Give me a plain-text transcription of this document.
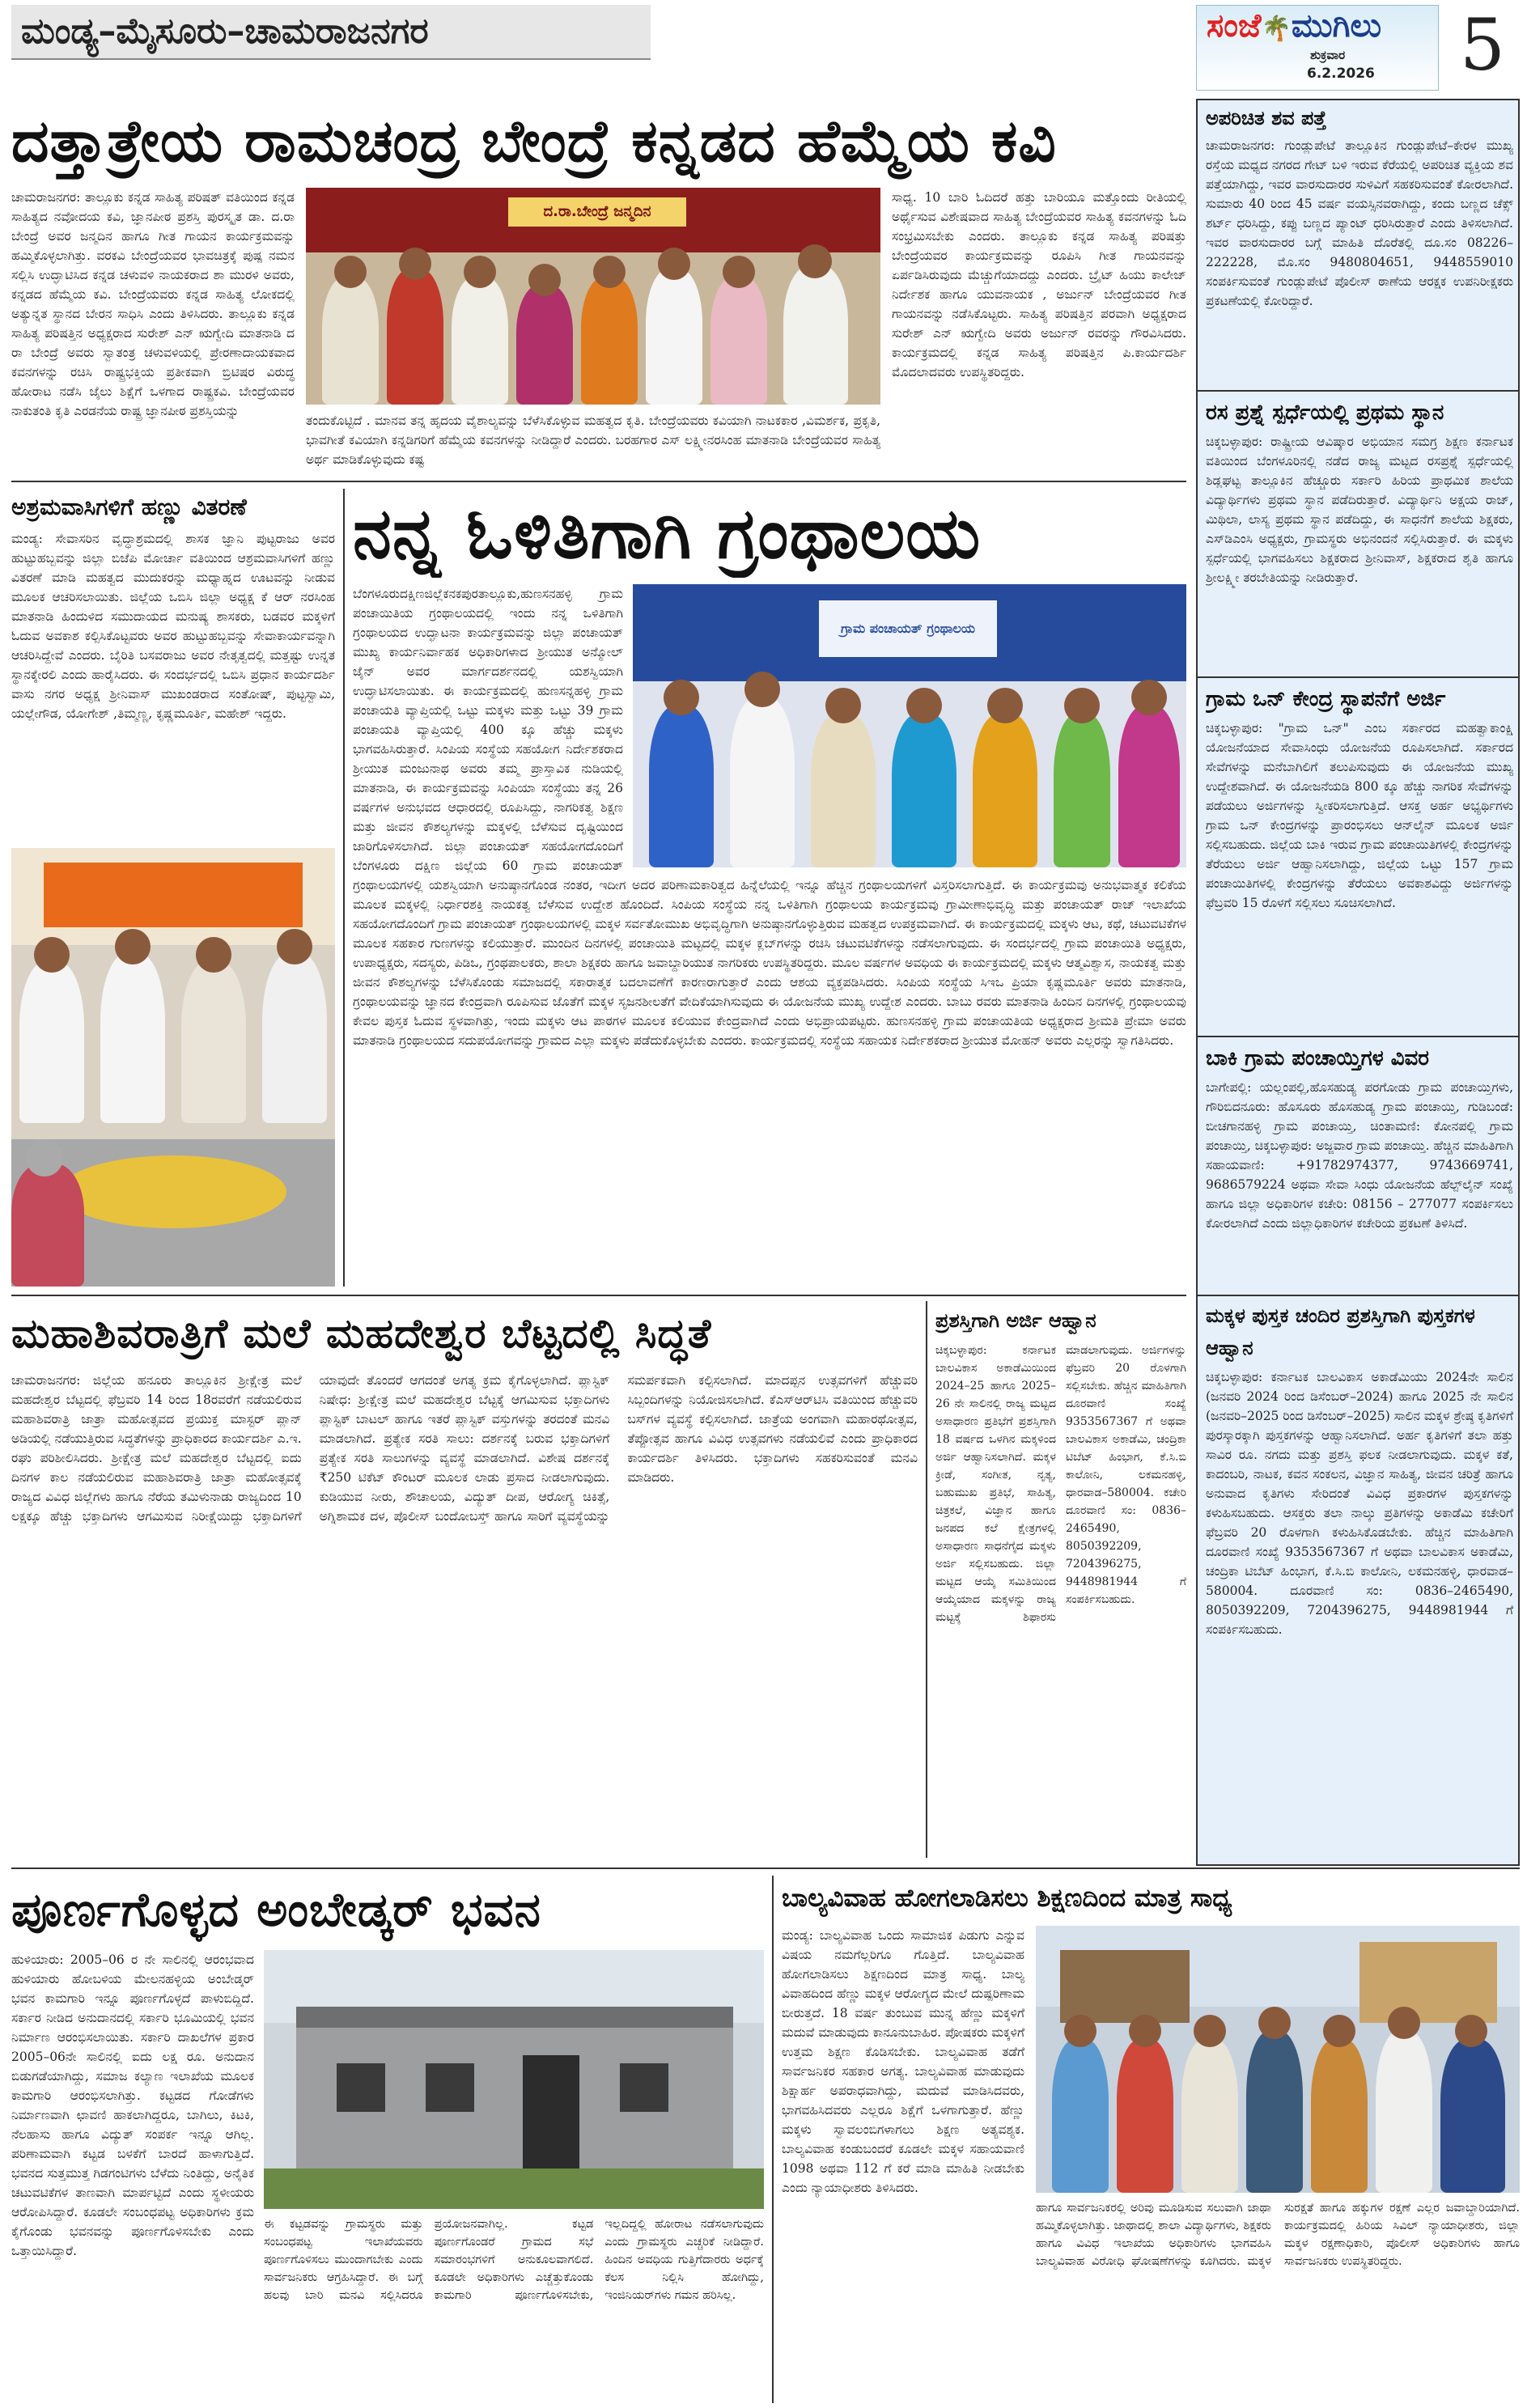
ಮಂಡ್ಯ–ಮೈಸೂರು–ಚಾಮರಾಜನಗರ	ಸಂಜೆ🌴ಮುಗಿಲು
ಶುಕ್ರವಾರ
6.2.2026 5
ದತ್ತಾತ್ರೇಯ ರಾಮಚಂದ್ರ ಬೇಂದ್ರೆ ಕನ್ನಡದ ಹೆಮ್ಮೆಯ ಕವಿ
ಚಾಮರಾಜನಗರ: ತಾಲ್ಲೂಕು ಕನ್ನಡ ಸಾಹಿತ್ಯ ಪರಿಷತ್ ವತಿಯಿಂದ ಕನ್ನಡ ಸಾಹಿತ್ಯದ ನವೋದಯ ಕವಿ, ಜ್ಞಾನಪೀಠ ಪ್ರಶಸ್ತಿ ಪುರಸ್ಕೃತ ಡಾ. ದ.ರಾ ಬೇಂದ್ರೆ ಅವರ ಜನ್ಮದಿನ ಹಾಗೂ ಗೀತ ಗಾಯನ ಕಾರ್ಯಕ್ರಮವನ್ನು ಹಮ್ಮಿಕೊಳ್ಳಲಾಗಿತ್ತು. ವರಕವಿ ಬೇಂದ್ರೆಯವರ ಭಾವಚಿತ್ರಕ್ಕೆ ಪುಷ್ಪ ನಮನ ಸಲ್ಲಿಸಿ ಉದ್ಘಾಟಿಸಿದ ಕನ್ನಡ ಚಳುವಳಿ ನಾಯಕರಾದ ಶಾ ಮುರಳಿ ಅವರು, ಕನ್ನಡದ ಹೆಮ್ಮೆಯ ಕವಿ. ಬೇಂದ್ರೆಯವರು ಕನ್ನಡ ಸಾಹಿತ್ಯ ಲೋಕದಲ್ಲಿ ಅತ್ಯುನ್ನತ ಸ್ಥಾನದ ಬೇರನ ಸಾಧಿಸಿ ಎಂದು ತಿಳಿಸಿದರು. ತಾಲ್ಲೂಕು ಕನ್ನಡ ಸಾಹಿತ್ಯ ಪರಿಷತ್ತಿನ ಅಧ್ಯಕ್ಷರಾದ ಸುರೇಶ್ ಎನ್ ಋಗ್ವೇದಿ ಮಾತನಾಡಿ ದ ರಾ ಬೇಂದ್ರೆ ಅವರು ಸ್ವಾತಂತ್ರ ಚಳುವಳಿಯಲ್ಲಿ ಪ್ರೇರಣಾದಾಯಕವಾದ ಕವನಗಳನ್ನು ರಚಿಸಿ ರಾಷ್ಟ್ರಭಕ್ತಿಯ ಪ್ರತೀಕವಾಗಿ ಬ್ರಿಟಿಷರ ವಿರುದ್ಧ ಹೋರಾಟ ನಡೆಸಿ ಜೈಲು ಶಿಕ್ಷೆಗೆ ಒಳಗಾದ ರಾಷ್ಟ್ರಕವಿ. ಬೇಂದ್ರೆಯವರ ನಾಕುತಂತಿ ಕೃತಿ ಎರಡನೆಯ ರಾಷ್ಟ್ರ ಜ್ಞಾನಪೀಠ ಪ್ರಶಸ್ತಿಯನ್ನು
ದ.ರಾ.ಬೇಂದ್ರೆ ಜನ್ಮದಿನ
ತಂದುಕೊಟ್ಟಿದೆ . ಮಾನವ ತನ್ನ ಹೃದಯ ವೈಶಾಲ್ಯವನ್ನು ಬೆಳೆಸಿಕೊಳ್ಳುವ ಮಹತ್ವದ ಕೃತಿ. ಬೇಂದ್ರೆಯವರು ಕವಿಯಾಗಿ ನಾಟಕಕಾರ ,ವಿಮರ್ಶಕ, ಪ್ರಕೃತಿ, ಭಾವಗೀತೆ ಕವಿಯಾಗಿ ಕನ್ನಡಿಗರಿಗೆ ಹೆಮ್ಮೆಯ ಕವನಗಳನ್ನು ನೀಡಿದ್ದಾರೆ ಎಂದರು. ಬರಹಗಾರ ಎಸ್ ಲಕ್ಷ್ಮೀನರಸಿಂಹ ಮಾತನಾಡಿ ಬೇಂದ್ರೆಯವರ ಸಾಹಿತ್ಯ ಅರ್ಥ ಮಾಡಿಕೊಳ್ಳುವುದು ಕಷ್ಟ
ಸಾಧ್ಯ. 10 ಬಾರಿ ಓದಿದರೆ ಹತ್ತು ಬಾರಿಯೂ ಮತ್ತೊಂದು ರೀತಿಯಲ್ಲಿ ಅರ್ಥೈಸುವ ವಿಶೇಷವಾದ ಸಾಹಿತ್ಯ ಬೇಂದ್ರೆಯವರ ಸಾಹಿತ್ಯ ಕವನಗಳನ್ನು ಓದಿ ಸಂಭ್ರಮಿಸಬೇಕು ಎಂದರು. ತಾಲ್ಲೂಕು ಕನ್ನಡ ಸಾಹಿತ್ಯ ಪರಿಷತ್ತು ಬೇಂದ್ರೆಯವರ ಕಾರ್ಯಕ್ರಮವನ್ನು ರೂಪಿಸಿ ಗೀತ ಗಾಯನವನ್ನು ಏರ್ಪಡಿಸಿರುವುದು ಮೆಚ್ಚುಗೆಯಾದದ್ದು ಎಂದರು. ಬ್ರೈಟ್ ಹಿಯು ಕಾಲೇಜ್ ನಿರ್ದೇಶಕ ಹಾಗೂ ಯುವನಾಯಕ , ಅರ್ಜುನ್ ಬೇಂದ್ರೆಯವರ ಗೀತ ಗಾಯನವನ್ನು ನಡೆಸಿಕೊಟ್ಟರು. ಸಾಹಿತ್ಯ ಪರಿಷತ್ತಿನ ಪರವಾಗಿ ಅಧ್ಯಕ್ಷರಾದ ಸುರೇಶ್ ಎನ್ ಋಗ್ವೇದಿ ಅವರು ಅರ್ಜುನ್ ರವರನ್ನು ಗೌರವಿಸಿದರು. ಕಾರ್ಯಕ್ರಮದಲ್ಲಿ ಕನ್ನಡ ಸಾಹಿತ್ಯ ಪರಿಷತ್ತಿನ ಪಿ.ಕಾರ್ಯದರ್ಶಿ ಮೊದಲಾದವರು ಉಪಸ್ಥಿತರಿದ್ದರು.
ಅಶ್ರಮವಾಸಿಗಳಿಗೆ ಹಣ್ಣು ವಿತರಣೆ
ಮಂಡ್ಯ: ಸೇವಾಸರಿನ ವೃದ್ಧಾಶ್ರಮದಲ್ಲಿ ಶಾಸಕ ಜ್ಞಾನಿ ಪುಟ್ಟರಾಜು ಅವರ ಹುಟ್ಟುಹಬ್ಬವನ್ನು ಜಿಲ್ಲಾ ಬಿಜೆಪಿ ಮೋರ್ಚಾ ವತಿಯಿಂದ ಆಶ್ರಮವಾಸಿಗಳಿಗೆ ಹಣ್ಣು ವಿತರಣೆ ಮಾಡಿ ಮಹತ್ವದ ಮುದುಕರನ್ನು ಮಧ್ಯಾಹ್ನದ ಊಟವನ್ನು ನೀಡುವ ಮೂಲಕ ಆಚರಿಸಲಾಯಿತು. ಜಿಲ್ಲೆಯ ಒಬಿಸಿ ಜಿಲ್ಲಾ ಅಧ್ಯಕ್ಷ ಕೆ ಆರ್ ನರಸಿಂಹ ಮಾತನಾಡಿ ಹಿಂದುಳಿದ ಸಮುದಾಯದ ಮನುಷ್ಯ ಶಾಸಕರು, ಬಡವರ ಮಕ್ಕಳಿಗೆ ಓದುವ ಅವಕಾಶ ಕಲ್ಪಿಸಿಕೊಟ್ಟವರು ಅವರ ಹುಟ್ಟುಹಬ್ಬವನ್ನು ಸೇವಾಕಾರ್ಯವನ್ನಾಗಿ ಆಚರಿಸಿದ್ದೇವೆ ಎಂದರು. ಬೈರಿತಿ ಬಸವರಾಜು ಅವರ ನೇತೃತ್ವದಲ್ಲಿ ಮತ್ತಷ್ಟು ಉನ್ನತ ಸ್ಥಾನಕ್ಕೇರಲಿ ಎಂದು ಹಾರೈಸಿದರು. ಈ ಸಂದರ್ಭದಲ್ಲಿ ಒಬಿಸಿ ಪ್ರಧಾನ ಕಾರ್ಯದರ್ಶಿ ವಾಸು ನಗರ ಅಧ್ಯಕ್ಷ ಶ್ರೀನಿವಾಸ್ ಮುಖಂಡರಾದ ಸಂತೋಷ್, ಪುಟ್ಟಸ್ವಾಮಿ, ಯಲ್ಲೇಗೌಡ, ಯೋಗೇಶ್ ,ತಿಮ್ಮಣ್ಣ, ಕೃಷ್ಣಮೂರ್ತಿ, ಮಹೇಶ್ ಇದ್ದರು.
ನನ್ನ ಓಳಿತಿಗಾಗಿ ಗ್ರಂಥಾಲಯ
ಗ್ರಾಮ ಪಂಚಾಯತ್ ಗ್ರಂಥಾಲಯ
ಬೆಂಗಳೂರುದಕ್ಷಿಣಜಿಲ್ಲೆಕನಕಪುರತಾಲ್ಲೂಕು,ಹುಣಸನಹಳ್ಳಿ ಗ್ರಾಮ ಪಂಚಾಯಿತಿಯ ಗ್ರಂಥಾಲಯದಲ್ಲಿ ಇಂದು ನನ್ನ ಒಳಿತಿಗಾಗಿ ಗ್ರಂಥಾಲಯದ ಉದ್ಘಾಟನಾ ಕಾರ್ಯಕ್ರಮವನ್ನು ಜಿಲ್ಲಾ ಪಂಚಾಯತ್ ಮುಖ್ಯ ಕಾರ್ಯನಿರ್ವಾಹಕ ಅಧಿಕಾರಿಗಳಾದ ಶ್ರೀಯುತ ಅನ್ಮೋಲ್ ಜೈನ್ ಅವರ ಮಾರ್ಗದರ್ಶನದಲ್ಲಿ ಯಶಸ್ವಿಯಾಗಿ ಉದ್ಘಾಟಿಸಲಾಯಿತು. ಈ ಕಾರ್ಯಕ್ರಮದಲ್ಲಿ ಹುಣಸನ್ನಹಳ್ಳಿ ಗ್ರಾಮ ಪಂಚಾಯತಿ ವ್ಯಾಪ್ತಿಯಲ್ಲಿ ಒಟ್ಟು ಮಕ್ಕಳು ಮತ್ತು ಒಟ್ಟು 39 ಗ್ರಾಮ ಪಂಚಾಯತಿ ವ್ಯಾಪ್ತಿಯಲ್ಲಿ 400 ಕ್ಕೂ ಹೆಚ್ಚು ಮಕ್ಕಳು ಭಾಗವಹಿಸಿರುತ್ತಾರೆ. ಸಿಂಪಿಯ ಸಂಸ್ಥೆಯ ಸಹಯೋಗ ನಿರ್ದೇಶಕರಾದ ಶ್ರೀಯುತ ಮಂಜುನಾಥ ಅವರು ತಮ್ಮ ಪ್ರಾಸ್ತಾವಿಕ ನುಡಿಯಲ್ಲಿ ಮಾತನಾಡಿ, ಈ ಕಾರ್ಯಕ್ರಮವನ್ನು ಸಿಂಪಿಯಾ ಸಂಸ್ಥೆಯು ತನ್ನ 26 ವರ್ಷಗಳ ಅನುಭವದ ಆಧಾರದಲ್ಲಿ ರೂಪಿಸಿದ್ದು, ನಾಗರಿಕತ್ವ ಶಿಕ್ಷಣ ಮತ್ತು ಜೀವನ ಕೌಶಲ್ಯಗಳನ್ನು ಮಕ್ಕಳಲ್ಲಿ ಬೆಳೆಸುವ ದೃಷ್ಟಿಯಿಂದ ಜಾರಿಗೊಳಿಸಲಾಗಿದೆ. ಜಿಲ್ಲಾ ಪಂಚಾಯತ್ ಸಹಯೋಗದೊಂದಿಗೆ ಬೆಂಗಳೂರು ದಕ್ಷಿಣ ಜಿಲ್ಲೆಯ 60 ಗ್ರಾಮ ಪಂಚಾಯತ್ ಗ್ರಂಥಾಲಯಗಳಲ್ಲಿ ಯಶಸ್ವಿಯಾಗಿ ಅನುಷ್ಠಾನಗೊಂಡ ನಂತರ, ಇದೀಗ ಅದರ ಪರಿಣಾಮಕಾರಿತ್ವದ ಹಿನ್ನೆಲೆಯಲ್ಲಿ ಇನ್ನೂ ಹೆಚ್ಚಿನ ಗ್ರಂಥಾಲಯಗಳಿಗೆ ವಿಸ್ತರಿಸಲಾಗುತ್ತಿದೆ. ಈ ಕಾರ್ಯಕ್ರಮವು ಅನುಭವಾತ್ಮಕ ಕಲಿಕೆಯ ಮೂಲಕ ಮಕ್ಕಳಲ್ಲಿ ನಿರ್ಧಾರಶಕ್ತಿ ನಾಯಕತ್ವ ಬೆಳೆಸುವ ಉದ್ದೇಶ ಹೊಂದಿದೆ. ಸಿಂಪಿಯ ಸಂಸ್ಥೆಯ ನನ್ನ ಒಳಿತಿಗಾಗಿ ಗ್ರಂಥಾಲಯ ಕಾರ್ಯಕ್ರಮವು ಗ್ರಾಮೀಣಾಭಿವೃದ್ಧಿ ಮತ್ತು ಪಂಚಾಯತ್ ರಾಜ್ ಇಲಾಖೆಯ ಸಹಯೋಗದೊಂದಿಗೆ ಗ್ರಾಮ ಪಂಚಾಯತ್ ಗ್ರಂಥಾಲಯಗಳಲ್ಲಿ ಮಕ್ಕಳ ಸರ್ವತೋಮುಖ ಅಭಿವೃದ್ಧಿಗಾಗಿ ಅನುಷ್ಠಾನಗೊಳ್ಳುತ್ತಿರುವ ಮಹತ್ವದ ಉಪಕ್ರಮವಾಗಿದೆ. ಈ ಕಾರ್ಯಕ್ರಮದಲ್ಲಿ ಮಕ್ಕಳು ಆಟ, ಕಥೆ, ಚಟುವಟಿಕೆಗಳ ಮೂಲಕ ಸಹಕಾರ ಗುಣಗಳನ್ನು ಕಲಿಯುತ್ತಾರೆ. ಮುಂದಿನ ದಿನಗಳಲ್ಲಿ ಪಂಚಾಯಿತಿ ಮಟ್ಟದಲ್ಲಿ ಮಕ್ಕಳ ಕ್ಲಬ್‌ಗಳನ್ನು ರಚಿಸಿ ಚಟುವಟಿಕೆಗಳನ್ನು ನಡೆಸಲಾಗುವುದು. ಈ ಸಂದರ್ಭದಲ್ಲಿ ಗ್ರಾಮ ಪಂಚಾಯಿತಿ ಅಧ್ಯಕ್ಷರು, ಉಪಾಧ್ಯಕ್ಷರು, ಸದಸ್ಯರು, ಪಿಡಿಒ, ಗ್ರಂಥಪಾಲಕರು, ಶಾಲಾ ಶಿಕ್ಷಕರು ಹಾಗೂ ಜವಾಬ್ದಾರಿಯುತ ನಾಗರಿಕರು ಉಪಸ್ಥಿತರಿದ್ದರು. ಮೂಲ ವರ್ಷಗಳ ಅವಧಿಯ ಈ ಕಾರ್ಯಕ್ರಮದಲ್ಲಿ ಮಕ್ಕಳು ಆತ್ಮವಿಶ್ವಾಸ, ನಾಯಕತ್ವ ಮತ್ತು ಜೀವನ ಕೌಶಲ್ಯಗಳನ್ನು ಬೆಳೆಸಿಕೊಂಡು ಸಮಾಜದಲ್ಲಿ ಸಕಾರಾತ್ಮಕ ಬದಲಾವಣೆಗೆ ಕಾರಣರಾಗುತ್ತಾರೆ ಎಂದು ಆಶಯ ವ್ಯಕ್ತಪಡಿಸಿದರು. ಸಿಂಪಿಯ ಸಂಸ್ಥೆಯ ಸಿಇಒ ಪ್ರಿಯಾ ಕೃಷ್ಣಮೂರ್ತಿ ಅವರು ಮಾತನಾಡಿ, ಗ್ರಂಥಾಲಯವನ್ನು ಜ್ಞಾನದ ಕೇಂದ್ರವಾಗಿ ರೂಪಿಸುವ ಜೊತೆಗೆ ಮಕ್ಕಳ ಸೃಜನಶೀಲತೆಗೆ ವೇದಿಕೆಯಾಗಿಸುವುದು ಈ ಯೋಜನೆಯ ಮುಖ್ಯ ಉದ್ದೇಶ ಎಂದರು. ಬಾಬು ರವರು ಮಾತನಾಡಿ ಹಿಂದಿನ ದಿನಗಳಲ್ಲಿ ಗ್ರಂಥಾಲಯವು ಕೇವಲ ಪುಸ್ತಕ ಓದುವ ಸ್ಥಳವಾಗಿತ್ತು, ಇಂದು ಮಕ್ಕಳು ಆಟ ಪಾಠಗಳ ಮೂಲಕ ಕಲಿಯುವ ಕೇಂದ್ರವಾಗಿದೆ ಎಂದು ಅಭಿಪ್ರಾಯಪಟ್ಟರು. ಹುಣಸನಹಳ್ಳಿ ಗ್ರಾಮ ಪಂಚಾಯತಿಯ ಅಧ್ಯಕ್ಷರಾದ ಶ್ರೀಮತಿ ಪ್ರೇಮಾ ಅವರು ಮಾತನಾಡಿ ಗ್ರಂಥಾಲಯದ ಸದುಪಯೋಗವನ್ನು ಗ್ರಾಮದ ಎಲ್ಲಾ ಮಕ್ಕಳು ಪಡೆದುಕೊಳ್ಳಬೇಕು ಎಂದರು. ಕಾರ್ಯಕ್ರಮದಲ್ಲಿ ಸಂಸ್ಥೆಯ ಸಹಾಯಕ ನಿರ್ದೇಶಕರಾದ ಶ್ರೀಯುತ ಮೋಹನ್ ಅವರು ಎಲ್ಲರನ್ನು ಸ್ವಾಗತಿಸಿದರು.
ಅಪರಿಚಿತ ಶವ ಪತ್ತೆ
ಚಾಮರಾಜನಗರ: ಗುಂಡ್ಲುಪೇಟೆ ತಾಲ್ಲೂಕಿನ ಗುಂಡ್ಲುಪೇಟೆ–ಕೇರಳ ಮುಖ್ಯ ರಸ್ತೆಯ ಮಧ್ಯದ ನಗರದ ಗೇಟ್ ಬಳಿ ಇರುವ ಕೆರೆಯಲ್ಲಿ ಅಪರಿಚಿತ ವ್ಯಕ್ತಿಯ ಶವ ಪತ್ತೆಯಾಗಿದ್ದು, ಇವರ ವಾರಸುದಾರರ ಸುಳಿವಿಗೆ ಸಹಕರಿಸುವಂತೆ ಕೋರಲಾಗಿದೆ. ಸುಮಾರು 40 ರಿಂದ 45 ವರ್ಷ ವಯಸ್ಸಿನವರಾಗಿದ್ದು, ಕಂದು ಬಣ್ಣದ ಚೆಕ್ಸ್ ಶರ್ಟ್ ಧರಿಸಿದ್ದು, ಕಪ್ಪು ಬಣ್ಣದ ಪ್ಯಾಂಟ್ ಧರಿಸಿರುತ್ತಾರೆ ಎಂದು ತಿಳಿಸಲಾಗಿದೆ. ಇವರ ವಾರಸುದಾರರ ಬಗ್ಗೆ ಮಾಹಿತಿ ದೊರೆತಲ್ಲಿ ದೂ.ಸಂ 08226–222228, ಮೊ.ಸಂ 9480804651, 9448559010 ಸಂಪರ್ಕಿಸುವಂತೆ ಗುಂಡ್ಲುಪೇಟೆ ಪೊಲೀಸ್ ಠಾಣೆಯ ಆರಕ್ಷಕ ಉಪನಿರೀಕ್ಷಕರು ಪ್ರಕಟಣೆಯಲ್ಲಿ ಕೋರಿದ್ದಾರೆ.
ರಸ ಪ್ರಶ್ನೆ ಸ್ಪರ್ಧೆಯಲ್ಲಿ ಪ್ರಥಮ ಸ್ಥಾನ
ಚಿಕ್ಕಬಳ್ಳಾಪುರ: ರಾಷ್ಟ್ರೀಯ ಆವಿಷ್ಕಾರ ಅಭಿಯಾನ ಸಮಗ್ರ ಶಿಕ್ಷಣ ಕರ್ನಾಟಕ ವತಿಯಿಂದ ಬೆಂಗಳೂರಿನಲ್ಲಿ ನಡೆದ ರಾಜ್ಯ ಮಟ್ಟದ ರಸಪ್ರಶ್ನೆ ಸ್ಪರ್ಧೆಯಲ್ಲಿ ಶಿಡ್ಲಘಟ್ಟ ತಾಲ್ಲೂಕಿನ ಹೆಚ್ಚೂರು ಸರ್ಕಾರಿ ಹಿರಿಯ ಪ್ರಾಥಮಿಕ ಶಾಲೆಯ ವಿದ್ಯಾರ್ಥಿಗಳು ಪ್ರಥಮ ಸ್ಥಾನ ಪಡೆದಿರುತ್ತಾರೆ. ವಿದ್ಯಾರ್ಥಿನಿ ಅಕ್ಷಯ ರಾಜ್, ಮಿಥಿಲಾ, ಲಾಸ್ಯ ಪ್ರಥಮ ಸ್ಥಾನ ಪಡೆದಿದ್ದು, ಈ ಸಾಧನೆಗೆ ಶಾಲೆಯ ಶಿಕ್ಷಕರು, ಎಸ್‌ಡಿಎಂಸಿ ಅಧ್ಯಕ್ಷರು, ಗ್ರಾಮಸ್ಥರು ಅಭಿನಂದನೆ ಸಲ್ಲಿಸಿರುತ್ತಾರೆ. ಈ ಮಕ್ಕಳು ಸ್ಪರ್ಧೆಯಲ್ಲಿ ಭಾಗವಹಿಸಲು ಶಿಕ್ಷಕರಾದ ಶ್ರೀನಿವಾಸ್, ಶಿಕ್ಷಕರಾದ ಶೃತಿ ಹಾಗೂ ಶ್ರೀಲಕ್ಷ್ಮೀ ತರಬೇತಿಯನ್ನು ನೀಡಿರುತ್ತಾರೆ.
ಗ್ರಾಮ ಒನ್ ಕೇಂದ್ರ ಸ್ಥಾಪನೆಗೆ ಅರ್ಜಿ
ಚಿಕ್ಕಬಳ್ಳಾಪುರ: "ಗ್ರಾಮ ಒನ್" ಎಂಬ ಸರ್ಕಾರದ ಮಹತ್ವಾಕಾಂಕ್ಷಿ ಯೋಜನೆಯಾದ ಸೇವಾಸಿಂಧು ಯೋಜನೆಯ ರೂಪಿಸಲಾಗಿದೆ. ಸರ್ಕಾರದ ಸೇವೆಗಳನ್ನು ಮನೆಬಾಗಿಲಿಗೆ ತಲುಪಿಸುವುದು ಈ ಯೋಜನೆಯ ಮುಖ್ಯ ಉದ್ದೇಶವಾಗಿದೆ. ಈ ಯೋಜನೆಯಡಿ 800 ಕ್ಕೂ ಹೆಚ್ಚು ನಾಗರಿಕ ಸೇವೆಗಳನ್ನು ಪಡೆಯಲು ಅರ್ಜಿಗಳನ್ನು ಸ್ವೀಕರಿಸಲಾಗುತ್ತಿದೆ. ಆಸಕ್ತ ಅರ್ಹ ಅಭ್ಯರ್ಥಿಗಳು ಗ್ರಾಮ ಒನ್ ಕೇಂದ್ರಗಳನ್ನು ಪ್ರಾರಂಭಿಸಲು ಆನ್‌ಲೈನ್ ಮೂಲಕ ಅರ್ಜಿ ಸಲ್ಲಿಸಬಹುದು. ಜಿಲ್ಲೆಯ ಬಾಕಿ ಇರುವ ಗ್ರಾಮ ಪಂಚಾಯಿತಿಗಳಲ್ಲಿ ಕೇಂದ್ರಗಳನ್ನು ತೆರೆಯಲು ಅರ್ಜಿ ಆಹ್ವಾನಿಸಲಾಗಿದ್ದು, ಜಿಲ್ಲೆಯ ಒಟ್ಟು 157 ಗ್ರಾಮ ಪಂಚಾಯಿತಿಗಳಲ್ಲಿ ಕೇಂದ್ರಗಳನ್ನು ತೆರೆಯಲು ಅವಕಾಶವಿದ್ದು ಅರ್ಜಿಗಳನ್ನು ಫೆಬ್ರವರಿ 15 ರೊಳಗೆ ಸಲ್ಲಿಸಲು ಸೂಚಿಸಲಾಗಿದೆ.
ಬಾಕಿ ಗ್ರಾಮ ಪಂಚಾಯ್ತಿಗಳ ವಿವರ
ಬಾಗೇಪಲ್ಲಿ: ಯಲ್ಲಂಪಲ್ಲಿ,ಹೊಸಹುಡ್ಯ ಪರಗೋಡು ಗ್ರಾಮ ಪಂಚಾಯ್ತಿಗಳು, ಗೌರಿಬಿದನೂರು: ಹೊಸೂರು ಹೊಸಹುಡ್ಯ ಗ್ರಾಮ ಪಂಚಾಯ್ತಿ, ಗುಡಿಬಂಡೆ: ಬೀಚಗಾನಹಳ್ಳಿ ಗ್ರಾಮ ಪಂಚಾಯ್ತಿ, ಚಿಂತಾಮಣಿ: ಕೋನಪಲ್ಲಿ ಗ್ರಾಮ ಪಂಚಾಯ್ತಿ, ಚಿಕ್ಕಬಳ್ಳಾಪುರ: ಅಜ್ಜವಾರ ಗ್ರಾಮ ಪಂಚಾಯ್ತಿ. ಹೆಚ್ಚಿನ ಮಾಹಿತಿಗಾಗಿ ಸಹಾಯವಾಣಿ: +91782974377, 9743669741, 9686579224 ಅಥವಾ ಸೇವಾ ಸಿಂಧು ಯೋಜನೆಯ ಹೆಲ್ಪ್‌ಲೈನ್ ಸಂಖ್ಯೆ ಹಾಗೂ ಜಿಲ್ಲಾ ಅಧಿಕಾರಿಗಳ ಕಚೇರಿ: 08156 – 277077 ಸಂಪರ್ಕಿಸಲು ಕೋರಲಾಗಿದೆ ಎಂದು ಜಿಲ್ಲಾಧಿಕಾರಿಗಳ ಕಚೇರಿಯ ಪ್ರಕಟಣೆ ತಿಳಿಸಿದೆ.
ಮಕ್ಕಳ ಪುಸ್ತಕ ಚಂದಿರ ಪ್ರಶಸ್ತಿಗಾಗಿ ಪುಸ್ತಕಗಳ ಆಹ್ವಾನ
ಚಿಕ್ಕಬಳ್ಳಾಪುರ: ಕರ್ನಾಟಕ ಬಾಲವಿಕಾಸ ಅಕಾಡೆಮಿಯು 2024ನೇ ಸಾಲಿನ (ಜನವರಿ 2024 ರಿಂದ ಡಿಸೆಂಬರ್–2024) ಹಾಗೂ 2025 ನೇ ಸಾಲಿನ (ಜನವರಿ–2025 ರಿಂದ ಡಿಸೆಂಬರ್–2025) ಸಾಲಿನ ಮಕ್ಕಳ ಶ್ರೇಷ್ಠ ಕೃತಿಗಳಿಗೆ ಪುರಸ್ಕಾರಕ್ಕಾಗಿ ಪುಸ್ತಕಗಳನ್ನು ಆಹ್ವಾನಿಸಲಾಗಿದೆ. ಅರ್ಹ ಕೃತಿಗಳಿಗೆ ತಲಾ ಹತ್ತು ಸಾವಿರ ರೂ. ನಗದು ಮತ್ತು ಪ್ರಶಸ್ತಿ ಫಲಕ ನೀಡಲಾಗುವುದು. ಮಕ್ಕಳ ಕತೆ, ಕಾದಂಬರಿ, ನಾಟಕ, ಕವನ ಸಂಕಲನ, ವಿಜ್ಞಾನ ಸಾಹಿತ್ಯ, ಜೀವನ ಚರಿತ್ರೆ ಹಾಗೂ ಅನುವಾದ ಕೃತಿಗಳು ಸೇರಿದಂತೆ ವಿವಿಧ ಪ್ರಕಾರಗಳ ಪುಸ್ತಕಗಳನ್ನು ಕಳುಹಿಸಬಹುದು. ಆಸಕ್ತರು ತಲಾ ನಾಲ್ಕು ಪ್ರತಿಗಳನ್ನು ಅಕಾಡೆಮಿ ಕಚೇರಿಗೆ ಫೆಬ್ರವರಿ 20 ರೊಳಗಾಗಿ ಕಳುಹಿಸಿಕೊಡಬೇಕು. ಹೆಚ್ಚಿನ ಮಾಹಿತಿಗಾಗಿ ದೂರವಾಣಿ ಸಂಖ್ಯೆ 9353567367 ಗೆ ಅಥವಾ ಬಾಲವಿಕಾಸ ಅಕಾಡೆಮಿ, ಚಂದ್ರಿಕಾ ಟಿಬೆಟ್ ಹಿಂಭಾಗ, ಕೆ.ಸಿ.ಬಿ ಕಾಲೋನಿ, ಲಕಮನಹಳ್ಳಿ, ಧಾರವಾಡ–580004. ದೂರವಾಣಿ ಸಂ: 0836–2465490, 8050392209, 7204396275, 9448981944 ಗೆ ಸಂಪರ್ಕಿಸಬಹುದು.
ಮಹಾಶಿವರಾತ್ರಿಗೆ ಮಲೆ ಮಹದೇಶ್ವರ ಬೆಟ್ಟದಲ್ಲಿ ಸಿದ್ಧತೆ
ಚಾಮರಾಜನಗರ: ಜಿಲ್ಲೆಯ ಹನೂರು ತಾಲ್ಲೂಕಿನ ಶ್ರೀಕ್ಷೇತ್ರ ಮಲೆ ಮಹದೇಶ್ವರ ಬೆಟ್ಟದಲ್ಲಿ ಫೆಬ್ರವರಿ 14 ರಿಂದ 18ರವರೆಗೆ ನಡೆಯಲಿರುವ ಮಹಾಶಿವರಾತ್ರಿ ಜಾತ್ರಾ ಮಹೋತ್ಸವದ ಪ್ರಯುಕ್ತ ಮಾಸ್ಟರ್ ಪ್ಲಾನ್ ಅಡಿಯಲ್ಲಿ ನಡೆಯುತ್ತಿರುವ ಸಿದ್ಧತೆಗಳನ್ನು ಪ್ರಾಧಿಕಾರದ ಕಾರ್ಯದರ್ಶಿ ಎ.ಇ. ರಘು ಪರಿಶೀಲಿಸಿದರು. ಶ್ರೀಕ್ಷೇತ್ರ ಮಲೆ ಮಹದೇಶ್ವರ ಬೆಟ್ಟದಲ್ಲಿ ಐದು ದಿನಗಳ ಕಾಲ ನಡೆಯಲಿರುವ ಮಹಾಶಿವರಾತ್ರಿ ಜಾತ್ರಾ ಮಹೋತ್ಸವಕ್ಕೆ ರಾಜ್ಯದ ವಿವಿಧ ಜಿಲ್ಲೆಗಳು ಹಾಗೂ ನೆರೆಯ ತಮಿಳುನಾಡು ರಾಜ್ಯದಿಂದ 10 ಲಕ್ಷಕ್ಕೂ ಹೆಚ್ಚು ಭಕ್ತಾದಿಗಳು ಆಗಮಿಸುವ ನಿರೀಕ್ಷೆಯಿದ್ದು ಭಕ್ತಾದಿಗಳಿಗೆ ಯಾವುದೇ ತೊಂದರೆ ಆಗದಂತೆ ಅಗತ್ಯ ಕ್ರಮ ಕೈಗೊಳ್ಳಲಾಗಿದೆ. ಪ್ಲಾಸ್ಟಿಕ್ ನಿಷೇಧ: ಶ್ರೀಕ್ಷೇತ್ರ ಮಲೆ ಮಹದೇಶ್ವರ ಬೆಟ್ಟಕ್ಕೆ ಆಗಮಿಸುವ ಭಕ್ತಾದಿಗಳು ಪ್ಲಾಸ್ಟಿಕ್ ಬಾಟಲ್ ಹಾಗೂ ಇತರೆ ಪ್ಲಾಸ್ಟಿಕ್ ವಸ್ತುಗಳನ್ನು ತರದಂತೆ ಮನವಿ ಮಾಡಲಾಗಿದೆ. ಪ್ರತ್ಯೇಕ ಸರತಿ ಸಾಲು: ದರ್ಶನಕ್ಕೆ ಬರುವ ಭಕ್ತಾದಿಗಳಿಗೆ ಪ್ರತ್ಯೇಕ ಸರತಿ ಸಾಲುಗಳನ್ನು ವ್ಯವಸ್ಥೆ ಮಾಡಲಾಗಿದೆ. ವಿಶೇಷ ದರ್ಶನಕ್ಕೆ ₹250 ಟಿಕೆಟ್ ಕೌಂಟರ್ ಮೂಲಕ ಲಾಡು ಪ್ರಸಾದ ನೀಡಲಾಗುವುದು. ಕುಡಿಯುವ ನೀರು, ಶೌಚಾಲಯ, ವಿದ್ಯುತ್ ದೀಪ, ಆರೋಗ್ಯ ಚಿಕಿತ್ಸೆ, ಅಗ್ನಿಶಾಮಕ ದಳ, ಪೊಲೀಸ್ ಬಂದೋಬಸ್ತ್ ಹಾಗೂ ಸಾರಿಗೆ ವ್ಯವಸ್ಥೆಯನ್ನು ಸಮರ್ಪಕವಾಗಿ ಕಲ್ಪಿಸಲಾಗಿದೆ. ಮಾದಪ್ಪನ ಉತ್ಸವಗಳಿಗೆ ಹೆಚ್ಚುವರಿ ಸಿಬ್ಬಂದಿಗಳನ್ನು ನಿಯೋಜಿಸಲಾಗಿದೆ. ಕೆಎಸ್‌ಆರ್‌ಟಿಸಿ ವತಿಯಿಂದ ಹೆಚ್ಚುವರಿ ಬಸ್‌ಗಳ ವ್ಯವಸ್ಥೆ ಕಲ್ಪಿಸಲಾಗಿದೆ. ಜಾತ್ರೆಯ ಅಂಗವಾಗಿ ಮಹಾರಥೋತ್ಸವ, ತೆಪ್ಪೋತ್ಸವ ಹಾಗೂ ವಿವಿಧ ಉತ್ಸವಗಳು ನಡೆಯಲಿವೆ ಎಂದು ಪ್ರಾಧಿಕಾರದ ಕಾರ್ಯದರ್ಶಿ ತಿಳಿಸಿದರು. ಭಕ್ತಾದಿಗಳು ಸಹಕರಿಸುವಂತೆ ಮನವಿ ಮಾಡಿದರು.
ಪ್ರಶಸ್ತಿಗಾಗಿ ಅರ್ಜಿ ಆಹ್ವಾನ
ಚಿಕ್ಕಬಳ್ಳಾಪುರ: ಕರ್ನಾಟಕ ಬಾಲವಿಕಾಸ ಅಕಾಡೆಮಿಯಿಂದ 2024–25 ಹಾಗೂ 2025–26 ನೇ ಸಾಲಿನಲ್ಲಿ ರಾಜ್ಯ ಮಟ್ಟದ ಅಸಾಧಾರಣ ಪ್ರತಿಭೆಗೆ ಪ್ರಶಸ್ತಿಗಾಗಿ 18 ವರ್ಷದ ಒಳಗಿನ ಮಕ್ಕಳಿಂದ ಅರ್ಜಿ ಆಹ್ವಾನಿಸಲಾಗಿದೆ. ಮಕ್ಕಳ ಕ್ರೀಡೆ, ಸಂಗೀತ, ನೃತ್ಯ, ಬಹುಮುಖ ಪ್ರತಿಭೆ, ಸಾಹಿತ್ಯ, ಚಿತ್ರಕಲೆ, ವಿಜ್ಞಾನ ಹಾಗೂ ಜನಪದ ಕಲೆ ಕ್ಷೇತ್ರಗಳಲ್ಲಿ ಅಸಾಧಾರಣ ಸಾಧನೆಗೈದ ಮಕ್ಕಳು ಅರ್ಜಿ ಸಲ್ಲಿಸಬಹುದು. ಜಿಲ್ಲಾ ಮಟ್ಟದ ಆಯ್ಕೆ ಸಮಿತಿಯಿಂದ ಆಯ್ಕೆಯಾದ ಮಕ್ಕಳನ್ನು ರಾಜ್ಯ ಮಟ್ಟಕ್ಕೆ ಶಿಫಾರಸು ಮಾಡಲಾಗುವುದು. ಅರ್ಜಿಗಳನ್ನು ಫೆಬ್ರವರಿ 20 ರೊಳಗಾಗಿ ಸಲ್ಲಿಸಬೇಕು. ಹೆಚ್ಚಿನ ಮಾಹಿತಿಗಾಗಿ ದೂರವಾಣಿ ಸಂಖ್ಯೆ 9353567367 ಗೆ ಅಥವಾ ಬಾಲವಿಕಾಸ ಅಕಾಡೆಮಿ, ಚಂದ್ರಿಕಾ ಟಿಬೆಟ್ ಹಿಂಭಾಗ, ಕೆ.ಸಿ.ಬಿ ಕಾಲೋನಿ, ಲಕಮನಹಳ್ಳಿ, ಧಾರವಾಡ–580004. ಕಚೇರಿ ದೂರವಾಣಿ ಸಂ: 0836–2465490, 8050392209, 7204396275, 9448981944 ಗೆ ಸಂಪರ್ಕಿಸಬಹುದು.
ಪೂರ್ಣಗೊಳ್ಳದ ಅಂಬೇಡ್ಕರ್ ಭವನ
ಹುಳಿಯಾರು: 2005–06 ರ ನೇ ಸಾಲಿನಲ್ಲಿ ಆರಂಭವಾದ ಹುಳಿಯಾರು ಹೋಬಳಿಯ ಮೇಲನಹಳ್ಳಿಯ ಅಂಬೇಡ್ಕರ್ ಭವನ ಕಾಮಗಾರಿ ಇನ್ನೂ ಪೂರ್ಣಗೊಳ್ಳದೆ ಪಾಳುಬಿದ್ದಿದೆ. ಸರ್ಕಾರ ನೀಡಿದ ಅನುದಾನದಲ್ಲಿ ಸರ್ಕಾರಿ ಭೂಮಿಯಲ್ಲಿ ಭವನ ನಿರ್ಮಾಣ ಆರಂಭಿಸಲಾಯಿತು. ಸರ್ಕಾರಿ ದಾಖಲೆಗಳ ಪ್ರಕಾರ 2005–06ನೇ ಸಾಲಿನಲ್ಲಿ ಐದು ಲಕ್ಷ ರೂ. ಅನುದಾನ ಬಿಡುಗಡೆಯಾಗಿದ್ದು, ಸಮಾಜ ಕಲ್ಯಾಣ ಇಲಾಖೆಯ ಮೂಲಕ ಕಾಮಗಾರಿ ಆರಂಭಿಸಲಾಗಿತ್ತು. ಕಟ್ಟಡದ ಗೋಡೆಗಳು ನಿರ್ಮಾಣವಾಗಿ ಛಾವಣಿ ಹಾಕಲಾಗಿದ್ದರೂ, ಬಾಗಿಲು, ಕಿಟಕಿ, ನೆಲಹಾಸು ಹಾಗೂ ವಿದ್ಯುತ್ ಸಂಪರ್ಕ ಇನ್ನೂ ಆಗಿಲ್ಲ. ಪರಿಣಾಮವಾಗಿ ಕಟ್ಟಡ ಬಳಕೆಗೆ ಬಾರದೆ ಹಾಳಾಗುತ್ತಿದೆ. ಭವನದ ಸುತ್ತಮುತ್ತ ಗಿಡಗಂಟಿಗಳು ಬೆಳೆದು ನಿಂತಿದ್ದು, ಅನೈತಿಕ ಚಟುವಟಿಕೆಗಳ ತಾಣವಾಗಿ ಮಾರ್ಪಟ್ಟಿದೆ ಎಂದು ಸ್ಥಳೀಯರು ಆರೋಪಿಸಿದ್ದಾರೆ. ಕೂಡಲೇ ಸಂಬಂಧಪಟ್ಟ ಅಧಿಕಾರಿಗಳು ಕ್ರಮ ಕೈಗೊಂಡು ಭವನವನ್ನು ಪೂರ್ಣಗೊಳಿಸಬೇಕು ಎಂದು ಒತ್ತಾಯಿಸಿದ್ದಾರೆ.
ಈ ಕಟ್ಟಡವನ್ನು ಗ್ರಾಮಸ್ಥರು ಮತ್ತು ಸಂಬಂಧಪಟ್ಟ ಇಲಾಖೆಯವರು ಪೂರ್ಣಗೊಳಿಸಲು ಮುಂದಾಗಬೇಕು ಎಂದು ಸಾರ್ವಜನಿಕರು ಆಗ್ರಹಿಸಿದ್ದಾರೆ. ಈ ಬಗ್ಗೆ ಹಲವು ಬಾರಿ ಮನವಿ ಸಲ್ಲಿಸಿದರೂ ಪ್ರಯೋಜನವಾಗಿಲ್ಲ. ಕಟ್ಟಡ ಪೂರ್ಣಗೊಂಡರೆ ಗ್ರಾಮದ ಸಭೆ ಸಮಾರಂಭಗಳಿಗೆ ಅನುಕೂಲವಾಗಲಿದೆ. ಕೂಡಲೇ ಅಧಿಕಾರಿಗಳು ಎಚ್ಚೆತ್ತುಕೊಂಡು ಕಾಮಗಾರಿ ಪೂರ್ಣಗೊಳಿಸಬೇಕು, ಇಲ್ಲದಿದ್ದಲ್ಲಿ ಹೋರಾಟ ನಡೆಸಲಾಗುವುದು ಎಂದು ಗ್ರಾಮಸ್ಥರು ಎಚ್ಚರಿಕೆ ನೀಡಿದ್ದಾರೆ. ಹಿಂದಿನ ಅವಧಿಯ ಗುತ್ತಿಗೆದಾರರು ಅರ್ಧಕ್ಕೆ ಕೆಲಸ ನಿಲ್ಲಿಸಿ ಹೋಗಿದ್ದು, ಇಂಜಿನಿಯರ್‌ಗಳು ಗಮನ ಹರಿಸಿಲ್ಲ.
ಬಾಲ್ಯವಿವಾಹ ಹೋಗಲಾಡಿಸಲು ಶಿಕ್ಷಣದಿಂದ ಮಾತ್ರ ಸಾಧ್ಯ
ಮಂಡ್ಯ: ಬಾಲ್ಯವಿವಾಹ ಒಂದು ಸಾಮಾಜಿಕ ಪಿಡುಗು ಎನ್ನುವ ವಿಷಯ ನಮಗೆಲ್ಲರಿಗೂ ಗೊತ್ತಿದೆ. ಬಾಲ್ಯವಿವಾಹ ಹೋಗಲಾಡಿಸಲು ಶಿಕ್ಷಣದಿಂದ ಮಾತ್ರ ಸಾಧ್ಯ. ಬಾಲ್ಯ ವಿವಾಹದಿಂದ ಹೆಣ್ಣು ಮಕ್ಕಳ ಆರೋಗ್ಯದ ಮೇಲೆ ದುಷ್ಪರಿಣಾಮ ಬೀರುತ್ತದೆ. 18 ವರ್ಷ ತುಂಬುವ ಮುನ್ನ ಹೆಣ್ಣು ಮಕ್ಕಳಿಗೆ ಮದುವೆ ಮಾಡುವುದು ಕಾನೂನುಬಾಹಿರ. ಪೋಷಕರು ಮಕ್ಕಳಿಗೆ ಉತ್ತಮ ಶಿಕ್ಷಣ ಕೊಡಿಸಬೇಕು. ಬಾಲ್ಯವಿವಾಹ ತಡೆಗೆ ಸಾರ್ವಜನಿಕರ ಸಹಕಾರ ಅಗತ್ಯ. ಬಾಲ್ಯವಿವಾಹ ಮಾಡುವುದು ಶಿಕ್ಷಾರ್ಹ ಅಪರಾಧವಾಗಿದ್ದು, ಮದುವೆ ಮಾಡಿಸಿದವರು, ಭಾಗವಹಿಸಿದವರು ಎಲ್ಲರೂ ಶಿಕ್ಷೆಗೆ ಒಳಗಾಗುತ್ತಾರೆ. ಹೆಣ್ಣು ಮಕ್ಕಳು ಸ್ವಾವಲಂಬಿಗಳಾಗಲು ಶಿಕ್ಷಣ ಅತ್ಯವಶ್ಯಕ. ಬಾಲ್ಯವಿವಾಹ ಕಂಡುಬಂದರೆ ಕೂಡಲೇ ಮಕ್ಕಳ ಸಹಾಯವಾಣಿ 1098 ಅಥವಾ 112 ಗೆ ಕರೆ ಮಾಡಿ ಮಾಹಿತಿ ನೀಡಬೇಕು ಎಂದು ನ್ಯಾಯಾಧೀಶರು ತಿಳಿಸಿದರು.
ಹಾಗೂ ಸಾರ್ವಜನಿಕರಲ್ಲಿ ಅರಿವು ಮೂಡಿಸುವ ಸಲುವಾಗಿ ಜಾಥಾ ಹಮ್ಮಿಕೊಳ್ಳಲಾಗಿತ್ತು. ಜಾಥಾದಲ್ಲಿ ಶಾಲಾ ವಿದ್ಯಾರ್ಥಿಗಳು, ಶಿಕ್ಷಕರು ಹಾಗೂ ವಿವಿಧ ಇಲಾಖೆಯ ಅಧಿಕಾರಿಗಳು ಭಾಗವಹಿಸಿ ಬಾಲ್ಯವಿವಾಹ ವಿರೋಧಿ ಘೋಷಣೆಗಳನ್ನು ಕೂಗಿದರು. ಮಕ್ಕಳ ಸುರಕ್ಷತೆ ಹಾಗೂ ಹಕ್ಕುಗಳ ರಕ್ಷಣೆ ಎಲ್ಲರ ಜವಾಬ್ದಾರಿಯಾಗಿದೆ. ಕಾರ್ಯಕ್ರಮದಲ್ಲಿ ಹಿರಿಯ ಸಿವಿಲ್ ನ್ಯಾಯಾಧೀಶರು, ಜಿಲ್ಲಾ ಮಕ್ಕಳ ರಕ್ಷಣಾಧಿಕಾರಿ, ಪೊಲೀಸ್ ಅಧಿಕಾರಿಗಳು ಹಾಗೂ ಸಾರ್ವಜನಿಕರು ಉಪಸ್ಥಿತರಿದ್ದರು.
